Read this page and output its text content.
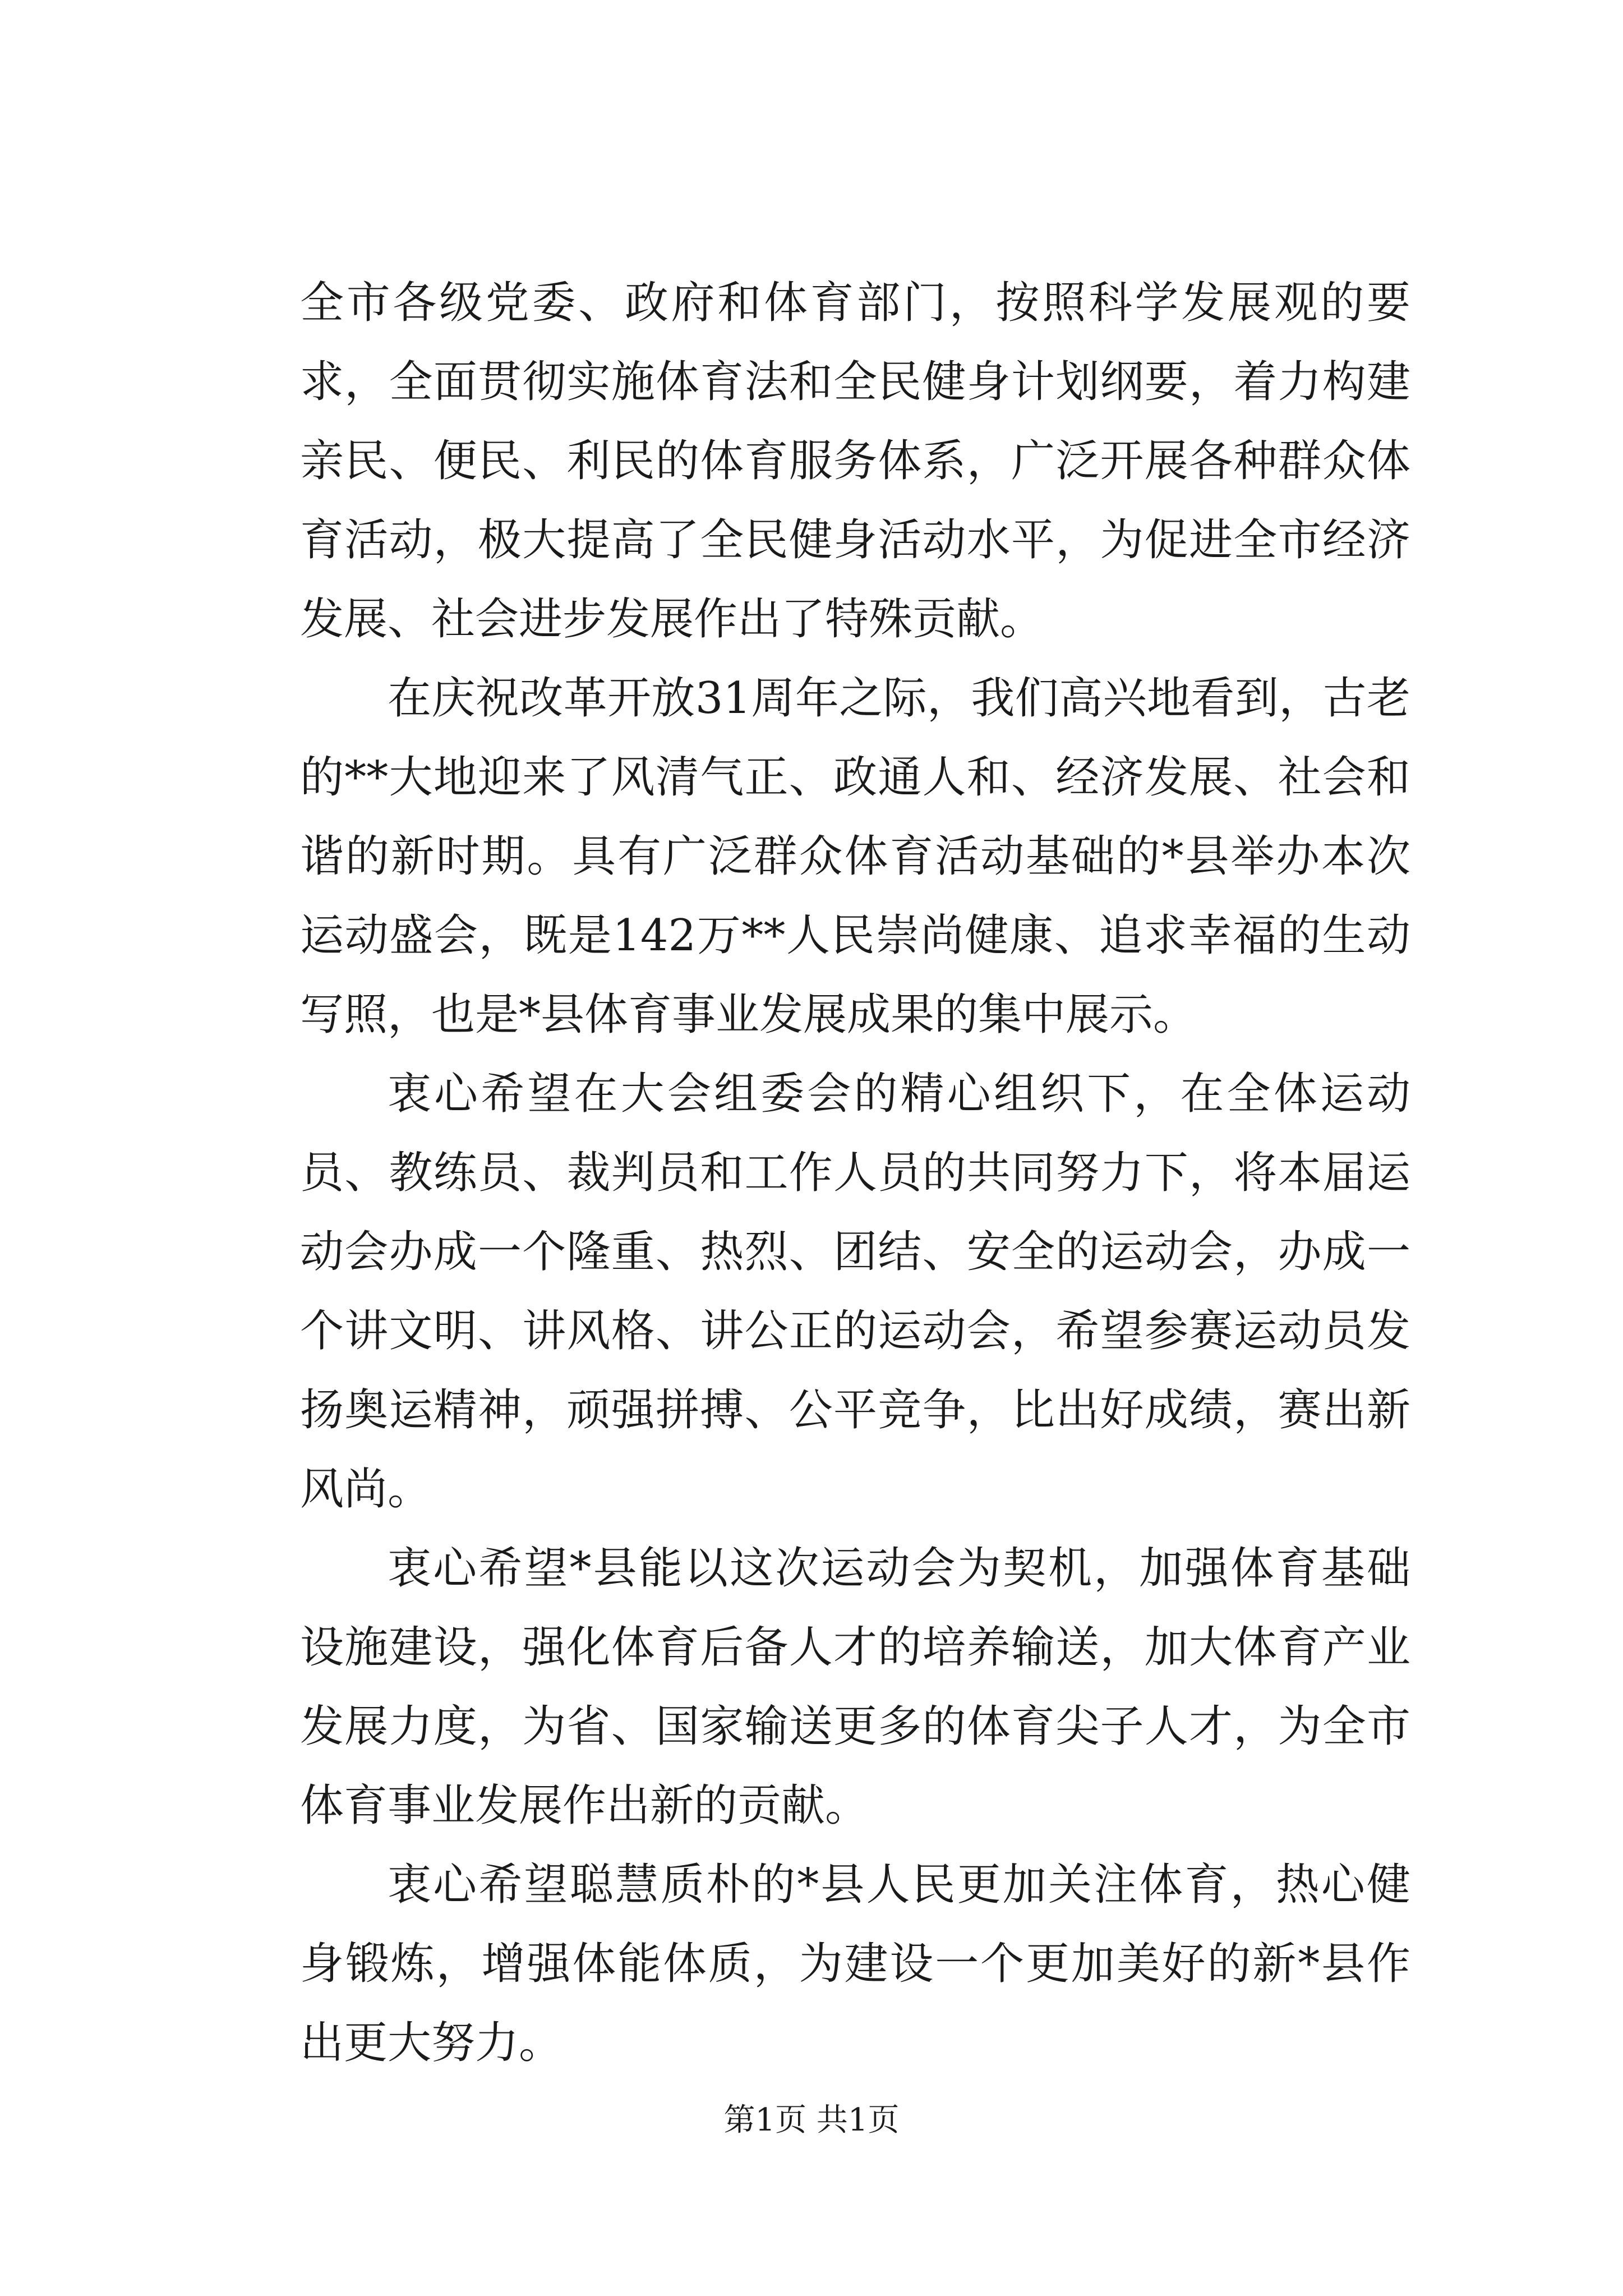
全市各级党委、政府和体育部门，按照科学发展观的要求，全面贯彻实施体育法和全民健身计划纲要，着力构建亲民、便民、利民的体育服务体系，广泛开展各种群众体育活动，极大提高了全民健身活动水平，为促进全市经济发展、社会进步发展作出了特殊贡献。

在庆祝改革开放31周年之际，我们高兴地看到，古老的**大地迎来了风清气正、政通人和、经济发展、社会和谐的新时期。具有广泛群众体育活动基础的*县举办本次运动盛会，既是142万**人民崇尚健康、追求幸福的生动写照，也是*县体育事业发展成果的集中展示。

衷心希望在大会组委会的精心组织下，在全体运动员、教练员、裁判员和工作人员的共同努力下，将本届运动会办成一个隆重、热烈、团结、安全的运动会，办成一个讲文明、讲风格、讲公正的运动会，希望参赛运动员发扬奥运精神，顽强拼搏、公平竞争，比出好成绩，赛出新风尚。

衷心希望*县能以这次运动会为契机，加强体育基础设施建设，强化体育后备人才的培养输送，加大体育产业发展力度，为省、国家输送更多的体育尖子人才，为全市体育事业发展作出新的贡献。

衷心希望聪慧质朴的*县人民更加关注体育，热心健身锻炼，增强体能体质，为建设一个更加美好的新*县作出更大努力。

第1页 共1页
